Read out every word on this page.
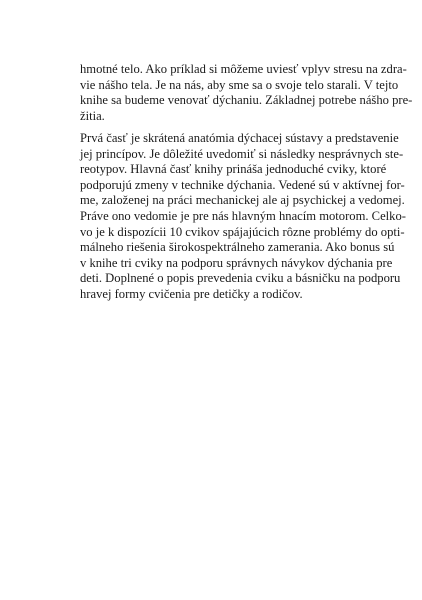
hmotné telo. Ako príklad si môžeme uviesť vplyv stresu na zdra-
vie nášho tela. Je na nás, aby sme sa o svoje telo starali. V tejto
knihe sa budeme venovať dýchaniu. Základnej potrebe nášho pre-
žitia.
Prvá časť je skrátená anatómia dýchacej sústavy a predstavenie
jej princípov. Je dôležité uvedomiť si následky nesprávnych ste-
reotypov. Hlavná časť knihy prináša jednoduché cviky, ktoré
podporujú zmeny v technike dýchania. Vedené sú v aktívnej for-
me, založenej na práci mechanickej ale aj psychickej a vedomej.
Práve ono vedomie je pre nás hlavným hnacím motorom. Celko-
vo je k dispozícii 10 cvikov spájajúcich rôzne problémy do opti-
málneho riešenia širokospektrálneho zamerania. Ako bonus sú
v knihe tri cviky na podporu správnych návykov dýchania pre
deti. Doplnené o popis prevedenia cviku a básničku na podporu
hravej formy cvičenia pre detičky a rodičov.
